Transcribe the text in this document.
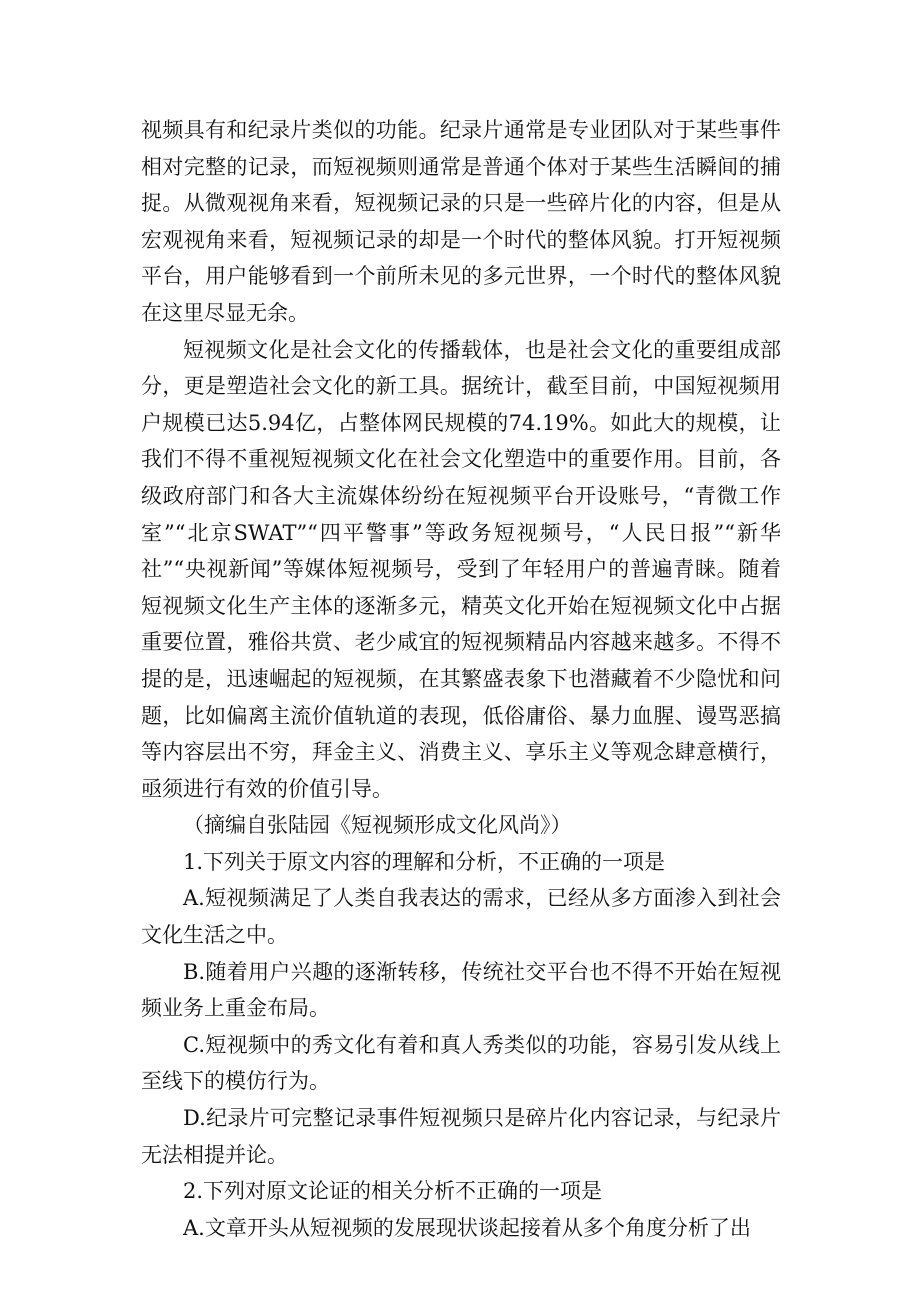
视频具有和纪录片类似的功能。纪录片通常是专业团队对于某些事件相对完整的记录，而短视频则通常是普通个体对于某些生活瞬间的捕捉。从微观视角来看，短视频记录的只是一些碎片化的内容，但是从宏观视角来看，短视频记录的却是一个时代的整体风貌。打开短视频平台，用户能够看到一个前所未见的多元世界，一个时代的整体风貌在这里尽显无余。

短视频文化是社会文化的传播载体，也是社会文化的重要组成部分，更是塑造社会文化的新工具。据统计，截至目前，中国短视频用户规模已达5.94亿，占整体网民规模的74.19%。如此大的规模，让我们不得不重视短视频文化在社会文化塑造中的重要作用。目前，各级政府部门和各大主流媒体纷纷在短视频平台开设账号，“青微工作室”“北京SWAT”“四平警事”等政务短视频号，“人民日报”“新华社”“央视新闻”等媒体短视频号，受到了年轻用户的普遍青睐。随着短视频文化生产主体的逐渐多元，精英文化开始在短视频文化中占据重要位置，雅俗共赏、老少咸宜的短视频精品内容越来越多。不得不提的是，迅速崛起的短视频，在其繁盛表象下也潜藏着不少隐忧和问题，比如偏离主流价值轨道的表现，低俗庸俗、暴力血腥、谩骂恶搞等内容层出不穷，拜金主义、消费主义、享乐主义等观念肆意横行，亟须进行有效的价值引导。

（摘编自张陆园《短视频形成文化风尚》）

1.下列关于原文内容的理解和分析，不正确的一项是

A.短视频满足了人类自我表达的需求，已经从多方面渗入到社会文化生活之中。

B.随着用户兴趣的逐渐转移，传统社交平台也不得不开始在短视频业务上重金布局。

C.短视频中的秀文化有着和真人秀类似的功能，容易引发从线上至线下的模仿行为。

D.纪录片可完整记录事件短视频只是碎片化内容记录，与纪录片无法相提并论。

2.下列对原文论证的相关分析不正确的一项是

A.文章开头从短视频的发展现状谈起接着从多个角度分析了出
